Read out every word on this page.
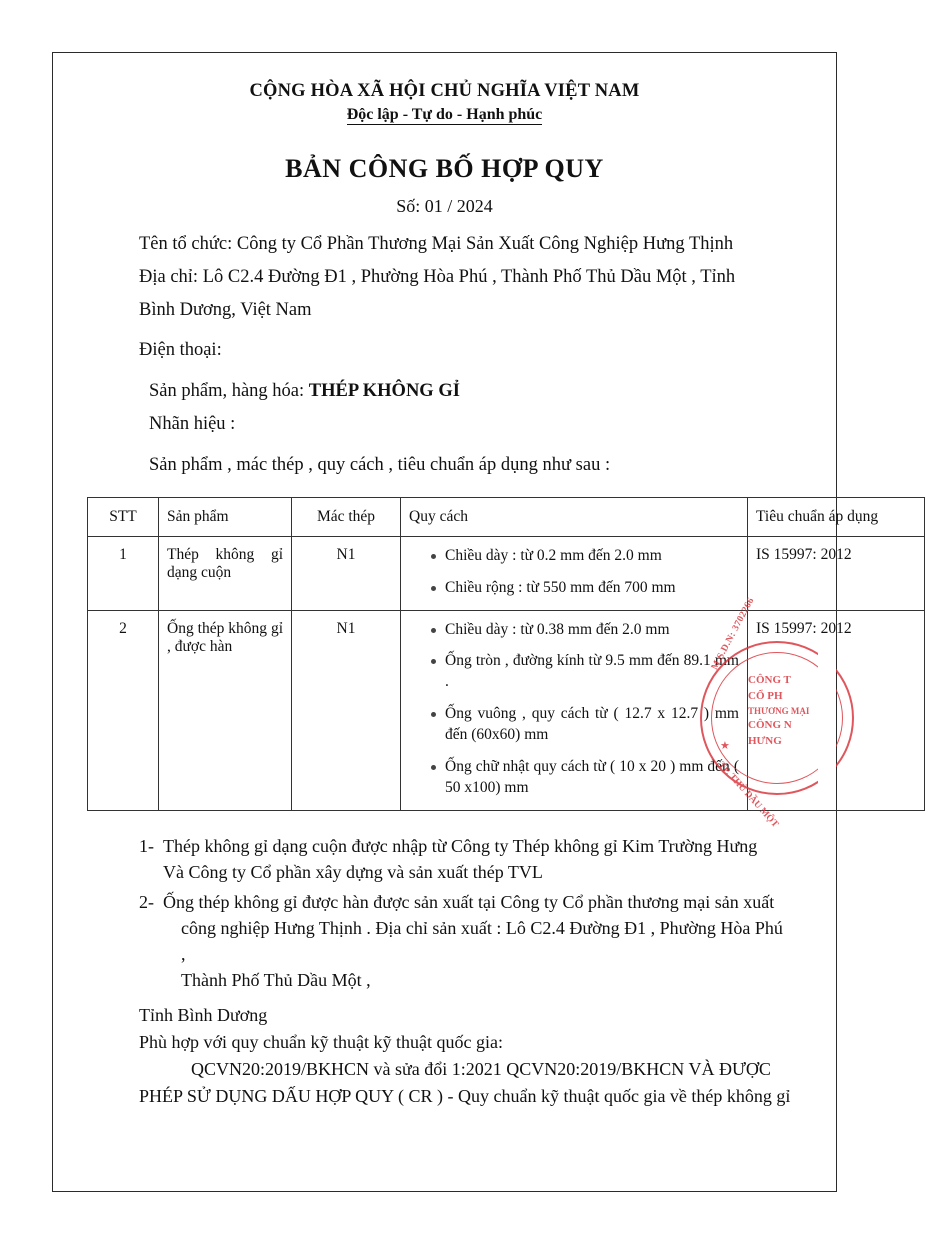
CỘNG HÒA XÃ HỘI CHỦ NGHĨA VIỆT NAM
Độc lập - Tự do - Hạnh phúc
BẢN CÔNG BỐ HỢP QUY
Số: 01 / 2024
Tên tổ chức: Công ty Cổ Phần Thương Mại Sản Xuất Công Nghiệp Hưng Thịnh
Địa chỉ: Lô C2.4 Đường Đ1 , Phường Hòa Phú , Thành Phố Thủ Dầu Một , Tỉnh
Bình Dương, Việt Nam
Điện thoại:
Sản phẩm, hàng hóa: THÉP KHÔNG GỈ
Nhãn hiệu :
Sản phẩm , mác thép , quy cách , tiêu chuẩn áp dụng như sau :
STT	Sản phẩm	Mác thép	Quy cách	Tiêu chuẩn áp dụng
1	Thép không gỉ dạng cuộn	N1	Chiều dày : từ 0.2 mm đến 2.0 mm
Chiều rộng : từ 550 mm đến 700 mm
	IS 15997: 2012
2	Ống thép không gỉ , được hàn	N1	Chiều dày : từ 0.38 mm đến 2.0 mm
Ống tròn , đường kính từ 9.5 mm đến 89.1 mm .
Ống vuông , quy cách từ ( 12.7 x 12.7 ) mm đến (60x60) mm
Ống chữ nhật quy cách từ ( 10 x 20 ) mm đến ( 50 x100) mm
	IS 15997: 2012
1- Thép không gỉ dạng cuộn được nhập từ Công ty Thép không gỉ Kim Trường Hưng
Và Công ty Cổ phần xây dựng và sản xuất thép TVL
2- Ống thép không gỉ được hàn được sản xuất tại Công ty Cổ phần thương mại sản xuất
công nghiệp Hưng Thịnh . Địa chỉ sản xuất : Lô C2.4 Đường Đ1 , Phường Hòa Phú ,
Thành Phố Thủ Dầu Một ,
Tỉnh Bình Dương
Phù hợp với quy chuẩn kỹ thuật kỹ thuật quốc gia:
QCVN20:2019/BKHCN và sửa đổi 1:2021 QCVN20:2019/BKHCN VÀ ĐƯỢC
PHÉP SỬ DỤNG DẤU HỢP QUY ( CR ) - Quy chuẩn kỹ thuật quốc gia về thép không gỉ
M.S.D.N: 3702266
TP. THỦ DẦU MỘT
CÔNG T
CỔ PH
THƯƠNG MẠI
CÔNG N
HƯNG
★
